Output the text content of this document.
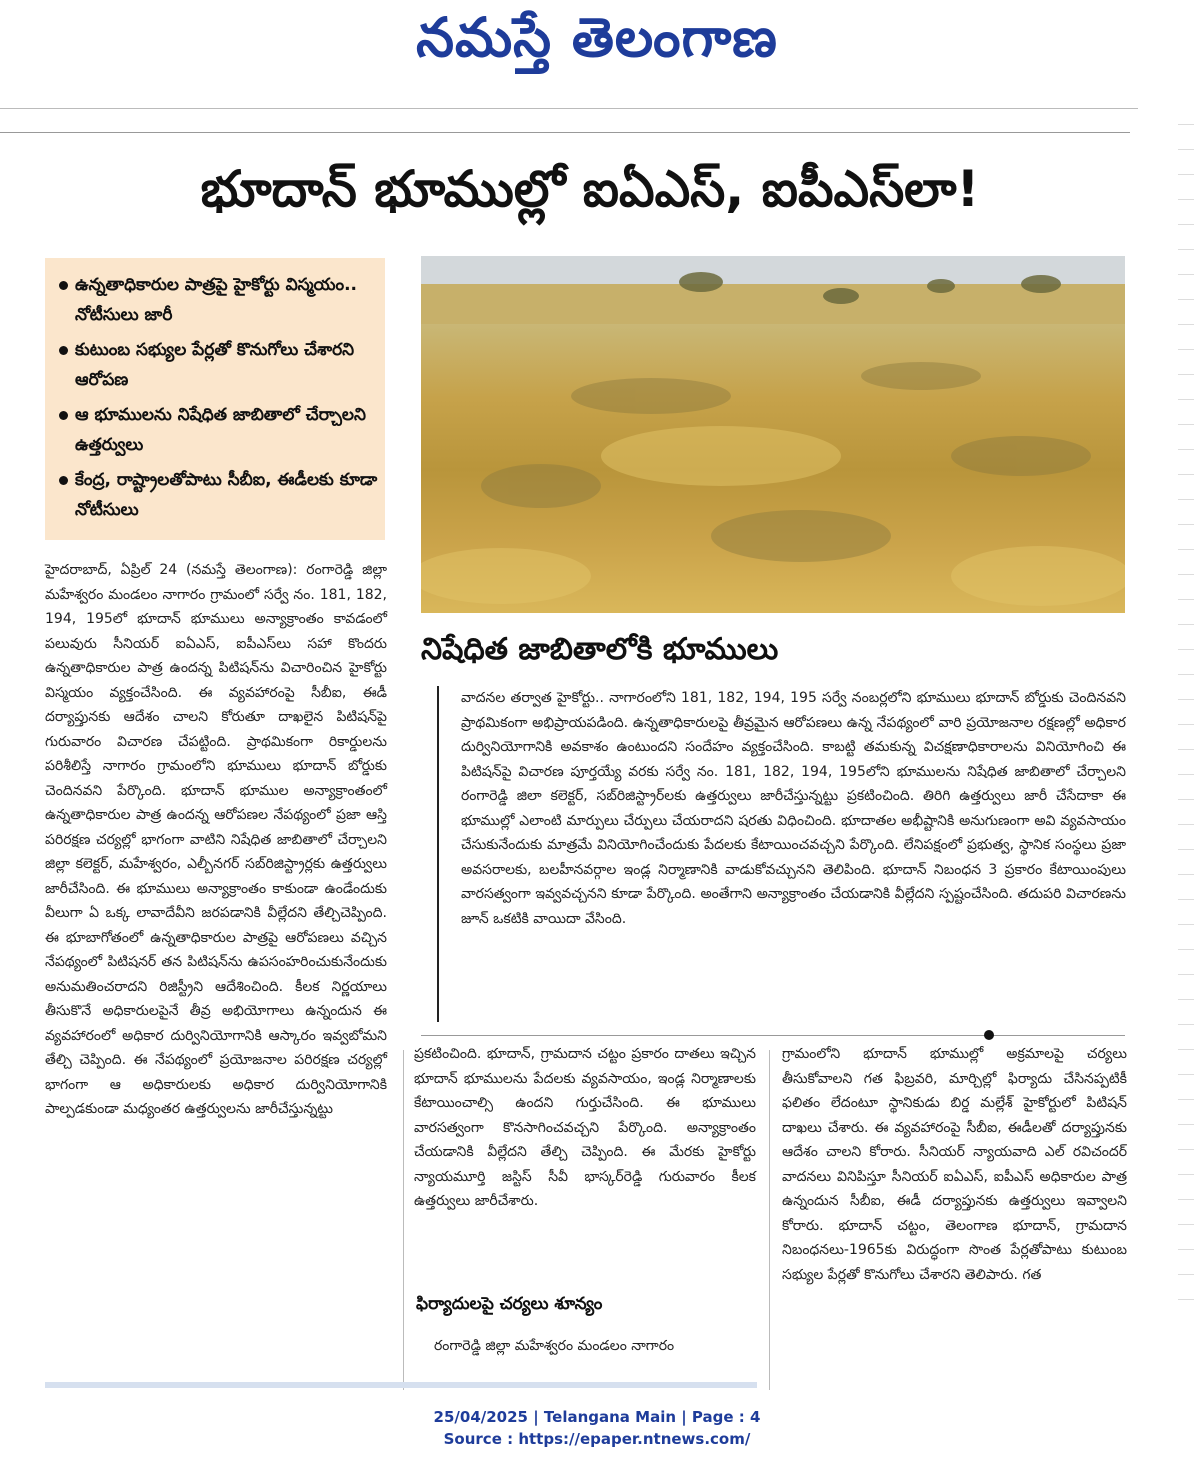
నమస్తే తెలంగాణ
భూదాన్ భూముల్లో ఐఏఎస్, ఐపీఎస్‌లా!
ఉన్నతాధికారుల పాత్రపై హైకోర్టు విస్మయం.. నోటీసులు జారీ
కుటుంబ సభ్యుల పేర్లతో కొనుగోలు చేశారని ఆరోపణ
ఆ భూములను నిషేధిత జాబితాలో చేర్చాలని ఉత్తర్వులు
కేంద్ర, రాష్ట్రాలతోపాటు సీబీఐ, ఈడీలకు కూడా నోటీసులు
హైదరాబాద్, ఏప్రిల్ 24 (నమస్తే తెలంగాణ): రంగారెడ్డి జిల్లా మహేశ్వరం మండలం నాగారం గ్రామంలో సర్వే నం. 181, 182, 194, 195లో భూదాన్ భూములు అన్యాక్రాంతం కావడంలో పలువురు సీనియర్ ఐఏఎస్, ఐపీఎస్‌లు సహా కొందరు ఉన్నతాధికారుల పాత్ర ఉందన్న పిటిషన్‌ను విచారించిన హైకోర్టు విస్మయం వ్యక్తంచేసింది. ఈ వ్యవహారంపై సీబీఐ, ఈడీ దర్యాప్తునకు ఆదేశం చాలని కోరుతూ దాఖలైన పిటిషన్‌పై గురువారం విచారణ చేపట్టింది. ప్రాథమికంగా రికార్డులను పరిశీలిస్తే నాగారం గ్రామంలోని భూములు భూదాన్ బోర్డుకు చెందినవని పేర్కొంది. భూదాన్ భూముల అన్యాక్రాంతంలో ఉన్నతాధికారుల పాత్ర ఉందన్న ఆరోపణల నేపథ్యంలో ప్రజా ఆస్తి పరిరక్షణ చర్యల్లో భాగంగా వాటిని నిషేధిత జాబితాలో చేర్చాలని జిల్లా కలెక్టర్, మహేశ్వరం, ఎల్బీనగర్ సబ్‌రిజిస్ట్రార్లకు ఉత్తర్వులు జారీచేసింది. ఈ భూములు అన్యాక్రాంతం కాకుండా ఉండేందుకు వీలుగా ఏ ఒక్క లావాదేవీని జరపడానికి వీల్లేదని తేల్చిచెప్పింది. ఈ భూబాగోతంలో ఉన్నతాధికారుల పాత్రపై ఆరోపణలు వచ్చిన నేపథ్యంలో పిటిషనర్ తన పిటిషన్‌ను ఉపసంహరించుకునేందుకు అనుమతించరాదని రిజిస్ట్రీని ఆదేశించింది. కీలక నిర్ణయాలు తీసుకొనే అధికారులపైనే తీవ్ర అభియోగాలు ఉన్నందున ఈ వ్యవహారంలో అధికార దుర్వినియోగానికి ఆస్కారం ఇవ్వబోమని తేల్చి చెప్పింది. ఈ నేపథ్యంలో ప్రయోజనాల పరిరక్షణ చర్యల్లో భాగంగా ఆ అధికారులకు అధికార దుర్వినియోగానికి పాల్పడకుండా మధ్యంతర ఉత్తర్వులను జారీచేస్తున్నట్టు
నిషేధిత జాబితాలోకి భూములు
వాదనల తర్వాత హైకోర్టు.. నాగారంలోని 181, 182, 194, 195 సర్వే నంబర్లలోని భూములు భూదాన్ బోర్డుకు చెందినవని ప్రాథమికంగా అభిప్రాయపడింది. ఉన్నతాధికారులపై తీవ్రమైన ఆరోపణలు ఉన్న నేపథ్యంలో వారి ప్రయోజనాల రక్షణల్లో అధికార దుర్వినియోగానికి అవకాశం ఉంటుందని సందేహం వ్యక్తంచేసింది. కాబట్టి తమకున్న విచక్షణాధికారాలను వినియోగించి ఈ పిటిషన్‌పై విచారణ పూర్తయ్యే వరకు సర్వే నం. 181, 182, 194, 195లోని భూములను నిషేధిత జాబితాలో చేర్చాలని రంగారెడ్డి జిలా కలెక్టర్, సబ్‌రిజిస్ట్రార్‌లకు ఉత్తర్వులు జారీచేస్తున్నట్టు ప్రకటించింది. తిరిగి ఉత్తర్వులు జారీ చేసేదాకా ఈ భూముల్లో ఎలాంటి మార్పులు చేర్పులు చేయరాదని షరతు విధించింది. భూదాతల అభీష్టానికి అనుగుణంగా అవి వ్యవసాయం చేసుకునేందుకు మాత్రమే వినియోగించేందుకు పేదలకు కేటాయించవచ్చని పేర్కొంది. లేనిపక్షంలో ప్రభుత్వ, స్థానిక సంస్థలు ప్రజా అవసరాలకు, బలహీనవర్గాల ఇండ్ల నిర్మాణానికి వాడుకోవచ్చునని తెలిపింది. భూదాన్ నిబంధన 3 ప్రకారం కేటాయింపులు వారసత్వంగా ఇవ్వవచ్చనని కూడా పేర్కొంది. అంతేగాని అన్యాక్రాంతం చేయడానికి వీల్లేదని స్పష్టంచేసింది. తదుపరి విచారణను జూన్ ఒకటికి వాయిదా వేసింది.
ప్రకటించింది. భూదాన్, గ్రామదాన చట్టం ప్రకారం దాతలు ఇచ్చిన భూదాన్ భూములను పేదలకు వ్యవసాయం, ఇండ్ల నిర్మాణాలకు కేటాయించాల్సి ఉందని గుర్తుచేసింది. ఈ భూములు వారసత్వంగా కొనసాగించవచ్చని పేర్కొంది. అన్యాక్రాంతం చేయడానికి వీల్లేదని తేల్చి చెప్పింది. ఈ మేరకు హైకోర్టు న్యాయమూర్తి జస్టిస్ సీవీ భాస్కర్‌రెడ్డి గురువారం కీలక ఉత్తర్వులు జారీచేశారు.
ఫిర్యాదులపై చర్యలు శూన్యం
రంగారెడ్డి జిల్లా మహేశ్వరం మండలం నాగారం
గ్రామంలోని భూదాన్ భూముల్లో అక్రమాలపై చర్యలు తీసుకోవాలని గత ఫిబ్రవరి, మార్చిల్లో ఫిర్యాదు చేసినప్పటికీ ఫలితం లేదంటూ స్థానికుడు బిర్డ మల్లేశ్ హైకోర్టులో పిటిషన్ దాఖలు చేశారు. ఈ వ్యవహారంపై సీబీఐ, ఈడీలతో దర్యాప్తునకు ఆదేశం చాలని కోరారు. సీనియర్ న్యాయవాది ఎల్ రవిచందర్ వాదనలు వినిపిస్తూ సీనియర్ ఐఏఎస్, ఐపీఎస్ అధికారుల పాత్ర ఉన్నందున సీబీఐ, ఈడీ దర్యాప్తునకు ఉత్తర్వులు ఇవ్వాలని కోరారు. భూదాన్ చట్టం, తెలంగాణ భూదాన్, గ్రామదాన నిబంధనలు-1965కు విరుద్ధంగా సొంత పేర్లతోపాటు కుటుంబ సభ్యుల పేర్లతో కొనుగోలు చేశారని తెలిపారు. గత
25/04/2025 | Telangana Main | Page : 4
Source : https://epaper.ntnews.com/
